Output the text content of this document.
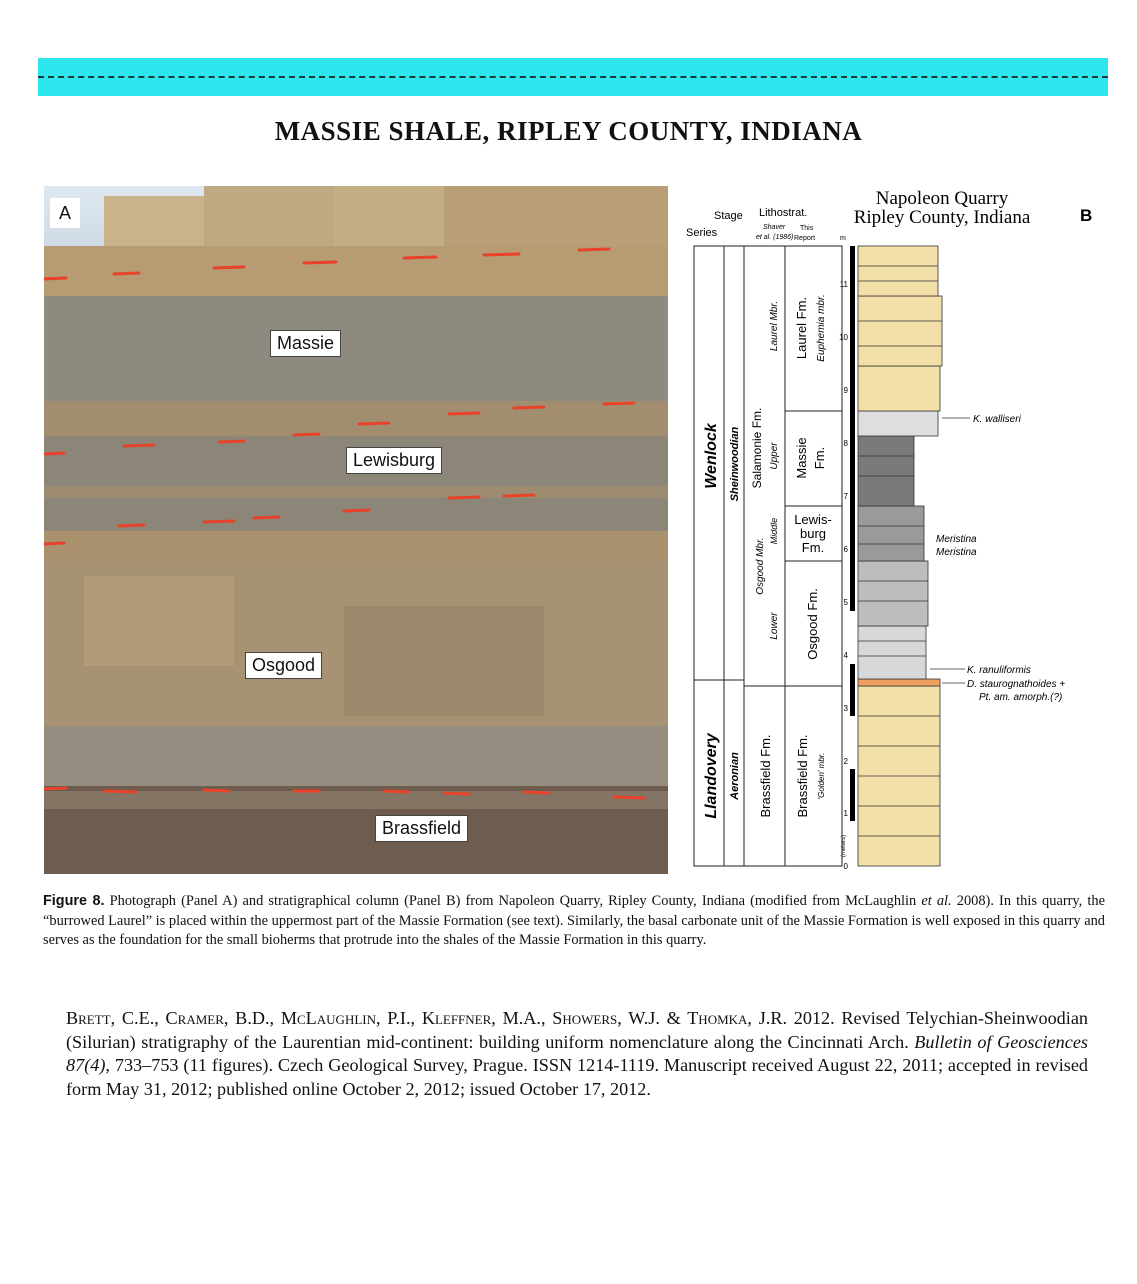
MASSIE SHALE, RIPLEY COUNTY, INDIANA
A
Massie
Lewisburg
Osgood
Brassfield
Napoleon Quarry
Ripley County, Indiana	B
Stage Lithostrat.
Series	Shaver
et al. (1986)
This
Report	m
Wenlock
Llandovery
Sheinwoodian
Aeronian
Salamonie Fm.
Laurel Mbr.
Upper
Middle
Osgood Mbr.
Lower
Brassfield Fm.
Laurel Fm. Euphemia mbr.
Massie Fm.
Lewis-
burg
Fm.
Osgood Fm.
Brassfield Fm. 'Golden' mbr.
(meters)
0
1
2
3
4
5
6
7
8
9
10
11
K. walliseri
Meristina
Meristina
K. ranuliformis
D. staurognathoides +
Pt. am. amorph.(?)
Figure 8. Photograph (Panel A) and stratigraphical column (Panel B) from Napoleon Quarry, Ripley County, Indiana (modified from McLaughlin et al. 2008). In this quarry, the “burrowed Laurel” is placed within the uppermost part of the Massie Formation (see text). Similarly, the basal carbonate unit of the Massie Formation is well exposed in this quarry and serves as the foundation for the small bioherms that protrude into the shales of the Massie Formation in this quarry.
Brett, C.E., Cramer, B.D., McLaughlin, P.I., Kleffner, M.A., Showers, W.J. & Thomka, J.R. 2012. Revised Telychian-Sheinwoodian (Silurian) stratigraphy of the Laurentian mid-continent: building uniform nomenclature along the Cincinnati Arch. Bulletin of Geosciences 87(4), 733–753 (11 figures). Czech Geological Survey, Prague. ISSN 1214-1119. Manuscript received August 22, 2011; accepted in revised form May 31, 2012; published online October 2, 2012; issued October 17, 2012.
